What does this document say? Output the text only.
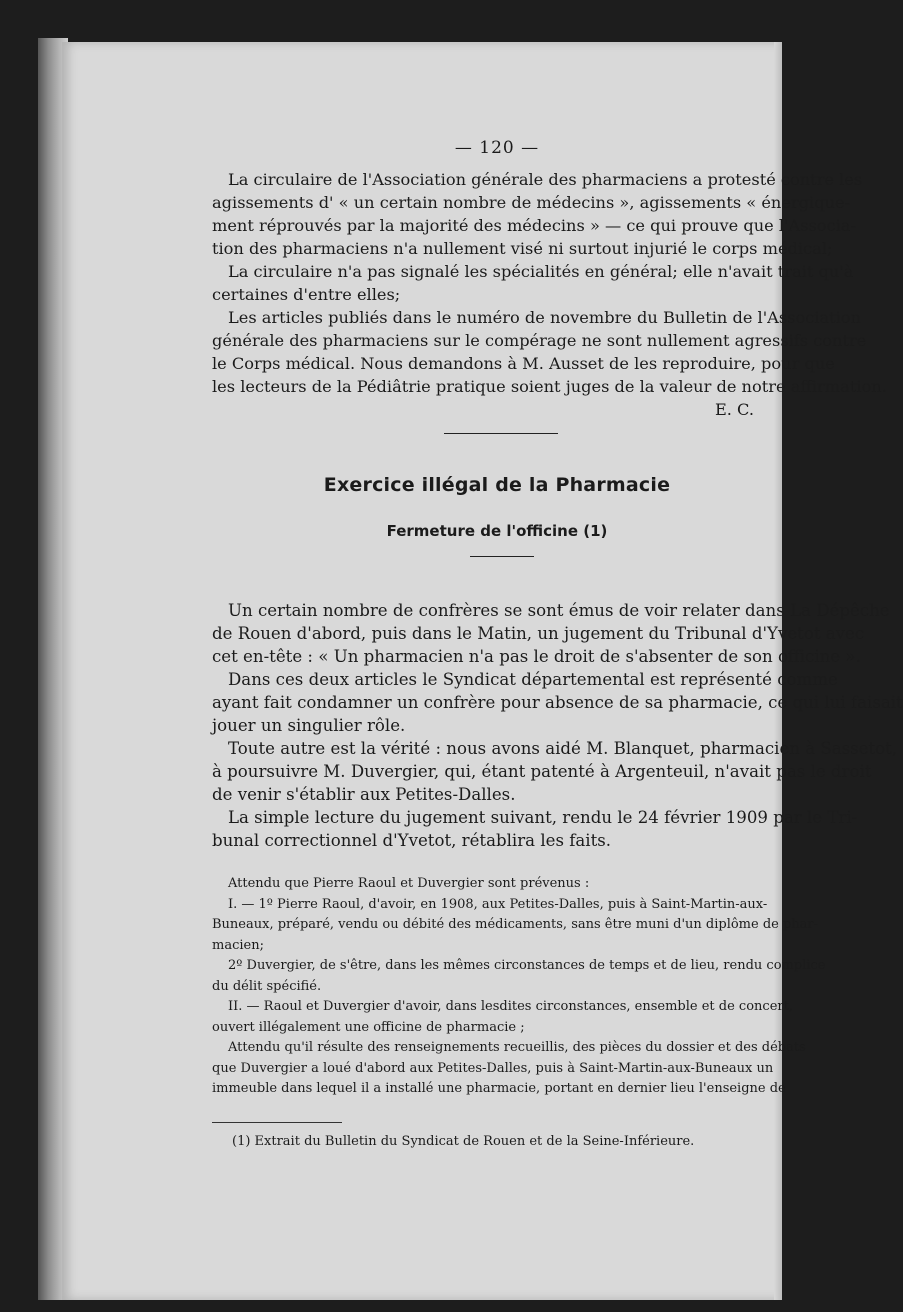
— 120 —
La circulaire de l'Association générale des pharmaciens a protesté contre les
agissements d' « un certain nombre de médecins », agissements « énergique-
ment réprouvés par la majorité des médecins » — ce qui prouve que l'Associa-
tion des pharmaciens n'a nullement visé ni surtout injurié le corps médical;
La circulaire n'a pas signalé les spécialités en général; elle n'avait trait qu'à
certaines d'entre elles;
Les articles publiés dans le numéro de novembre du Bulletin de l'Association
générale des pharmaciens sur le compérage ne sont nullement agressifs contre
le Corps médical. Nous demandons à M. Ausset de les reproduire, pour que
les lecteurs de la Pédiâtrie pratique soient juges de la valeur de notre affirmation.
E. C.
Exercice illégal de la Pharmacie
Fermeture de l'officine (1)
Un certain nombre de confrères se sont émus de voir relater dans La Dépêche
de Rouen d'abord, puis dans le Matin, un jugement du Tribunal d'Yvetot avec
cet en-tête : « Un pharmacien n'a pas le droit de s'absenter de son officine ».
Dans ces deux articles le Syndicat départemental est représenté comme
ayant fait condamner un confrère pour absence de sa pharmacie, ce qui lui faisait
jouer un singulier rôle.
Toute autre est la vérité : nous avons aidé M. Blanquet, pharmacien à Sassetot,
à poursuivre M. Duvergier, qui, étant patenté à Argenteuil, n'avait pas le droit
de venir s'établir aux Petites-Dalles.
La simple lecture du jugement suivant, rendu le 24 février 1909 par le Tri-
bunal correctionnel d'Yvetot, rétablira les faits.
Attendu que Pierre Raoul et Duvergier sont prévenus :
I. — 1º Pierre Raoul, d'avoir, en 1908, aux Petites-Dalles, puis à Saint-Martin-aux-
Buneaux, préparé, vendu ou débité des médicaments, sans être muni d'un diplôme de phar-
macien;
2º Duvergier, de s'être, dans les mêmes circonstances de temps et de lieu, rendu complice
du délit spécifié.
II. — Raoul et Duvergier d'avoir, dans lesdites circonstances, ensemble et de concert,
ouvert illégalement une officine de pharmacie ;
Attendu qu'il résulte des renseignements recueillis, des pièces du dossier et des débats
que Duvergier a loué d'abord aux Petites-Dalles, puis à Saint-Martin-aux-Buneaux un
immeuble dans lequel il a installé une pharmacie, portant en dernier lieu l'enseigne de
(1) Extrait du Bulletin du Syndicat de Rouen et de la Seine-Inférieure.
